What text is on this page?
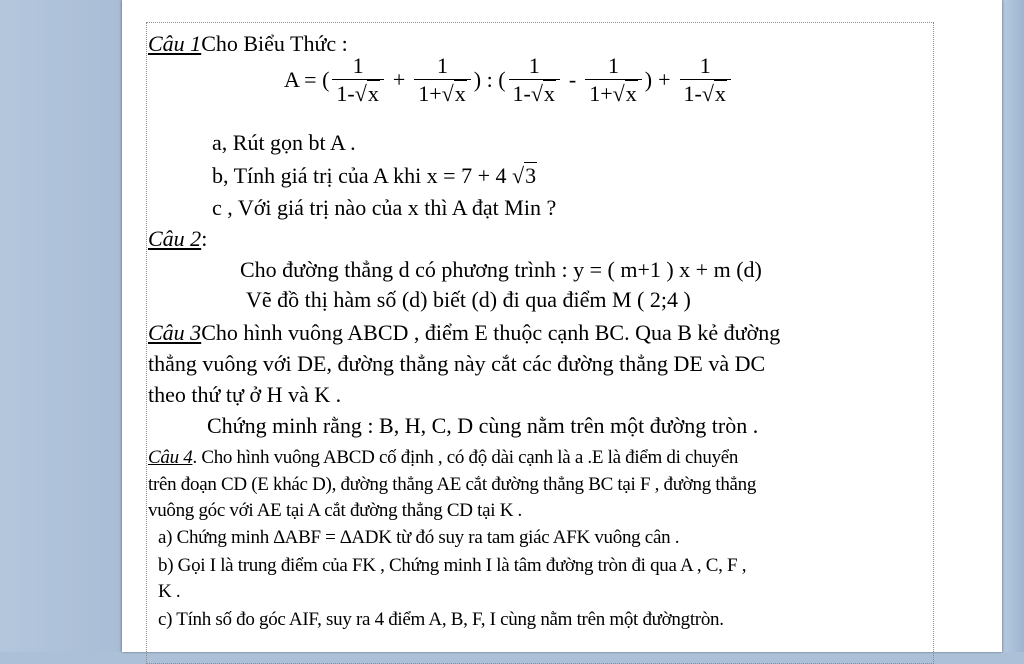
Câu 1Cho Biểu Thức :
A = ( $\frac{1}{1-√x} + \frac{1}{1+√x}$ ) : ( $\frac{1}{1-√x} - \frac{1}{1+√x}$ ) + $\frac{1}{1-√x}$
a, Rút gọn bt A .
b, Tính giá trị của A khi x = 7 + 4 √3
c , Với giá trị nào của x thì A đạt Min ?
Câu 2:
Cho đường thẳng d có phương trình : y = ( m+1 ) x + m (d)
Vẽ đồ thị hàm số (d) biết (d) đi qua điểm M ( 2;4 )
Câu 3Cho hình vuông ABCD , điểm E thuộc cạnh BC. Qua B kẻ đường
thẳng vuông với DE, đường thẳng này cắt các đường thẳng DE và DC
theo thứ tự ở H và K .
Chứng minh rằng : B, H, C, D cùng nằm trên một đường tròn .
Câu 4. Cho hình vuông ABCD cố định , có độ dài cạnh là a .E là điểm di chuyển
trên đoạn CD (E khác D), đường thẳng AE cắt đường thẳng BC tại F , đường thẳng
vuông góc với AE tại A cắt đường thẳng CD tại K .
a) Chứng minh ∆ABF = ∆ADK từ đó suy ra tam giác AFK vuông cân .
b) Gọi I là trung điểm của FK , Chứng minh I là tâm đường tròn đi qua A , C, F ,
K .
c) Tính số đo góc AIF, suy ra 4 điểm A, B, F, I cùng nằm trên một đườngtròn.
